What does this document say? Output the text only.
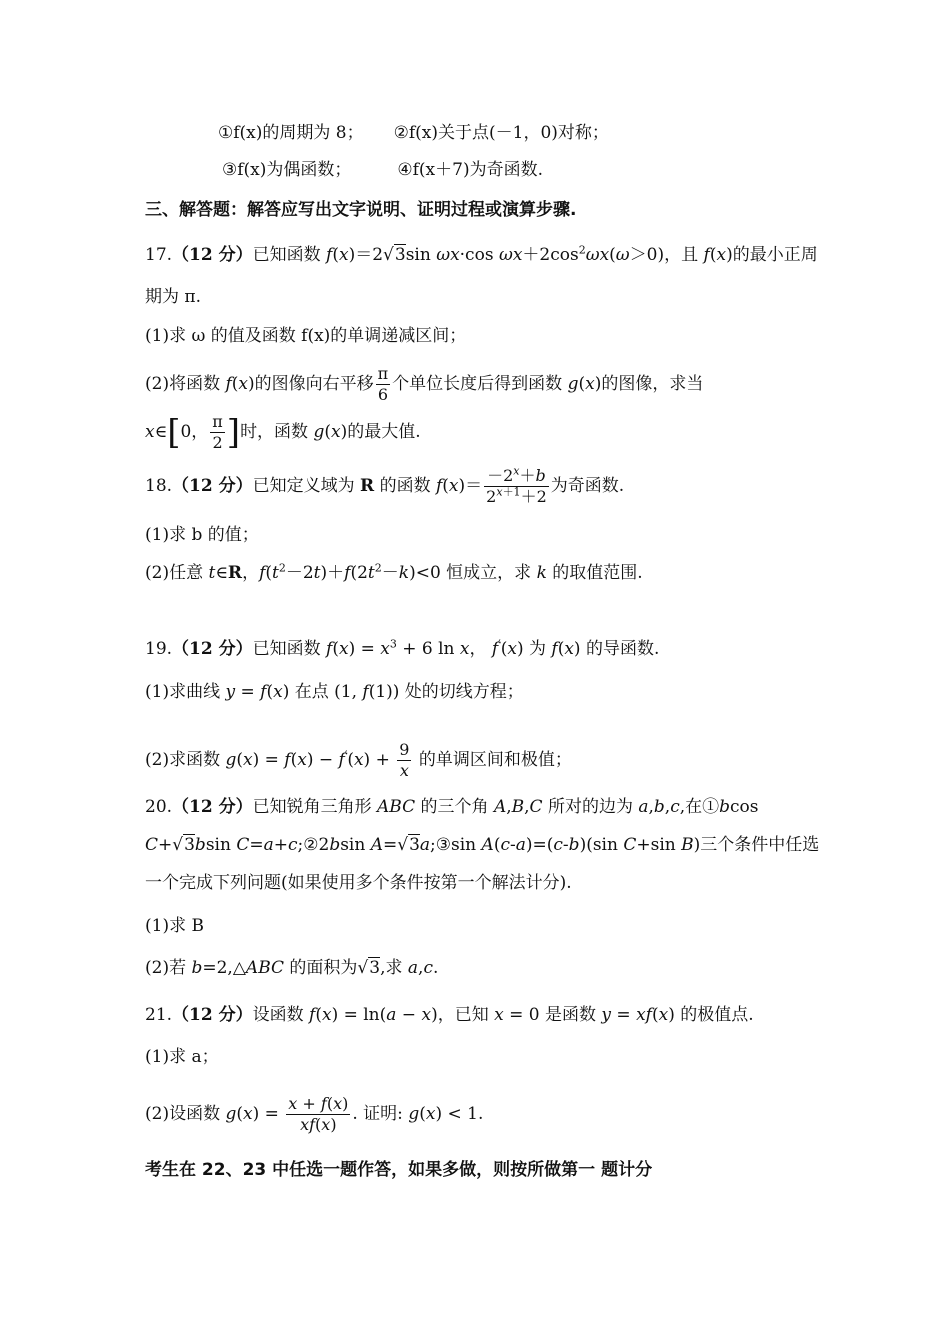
①f(x)的周期为 8； ②f(x)关于点(－1，0)对称；
③f(x)为偶函数；	④f(x＋7)为奇函数.
三、解答题：解答应写出文字说明、证明过程或演算步骤.
17.（12 分）已知函数 f(x)＝2√3sin ωx·cos $\omega x+2\cos^2\omega x(\omega>0)$，且 f(x)的最小正周
期为 π.
(1)求 ω 的值及函数 f(x)的单调递减区间；
(2)将函数 f(x)的图像向右平移 $\frac{\pi}{6}$ 个单位长度后得到函数 g(x)的图像，求当
x∈[0， $\frac{\pi}{2}$ ]时，函数 g(x)的最大值.
18.（12 分）已知定义域为 R 的函数 $f(x)= \frac{-2^x+b}{2^{x+1}+2}$ 为奇函数.
(1)求 b 的值；
(2)任意 t∈R，$f(t^2-2t)+f(2t^2-k)<0$ 恒成立，求 k 的取值范围.
19.（12 分）已知函数 $f(x) = x^3 + 6$ ln x， f′(x) 为 f(x) 的导函数.
(1)求曲线 y = f(x) 在点 (1, f(1)) 处的切线方程；
(2)求函数 $g(x) = f(x) - f'(x) + \frac{9}{x}$ 的单调区间和极值；
20.（12 分）已知锐角三角形 ABC 的三个角 A,B,C 所对的边为 a,b,c,在①bcos
C+√3bsin C=a+c;②2bsin A=√3a;③sin A(c-a)=(c-b)(sin C+sin B)三个条件中任选
一个完成下列问题(如果使用多个条件按第一个解法计分).
(1)求 B
(2)若 b=2,△ABC 的面积为√3,求 a,c.
21.（12 分）设函数 f(x) = ln(a − x)，已知 x = 0 是函数 y = xf(x) 的极值点.
(1)求 a；
(2)设函数 $g(x) = \frac{x + f(x)}{xf(x)}$ . 证明: g(x) < 1.
考生在 22、23 中任选一题作答，如果多做，则按所做第一 题计分
